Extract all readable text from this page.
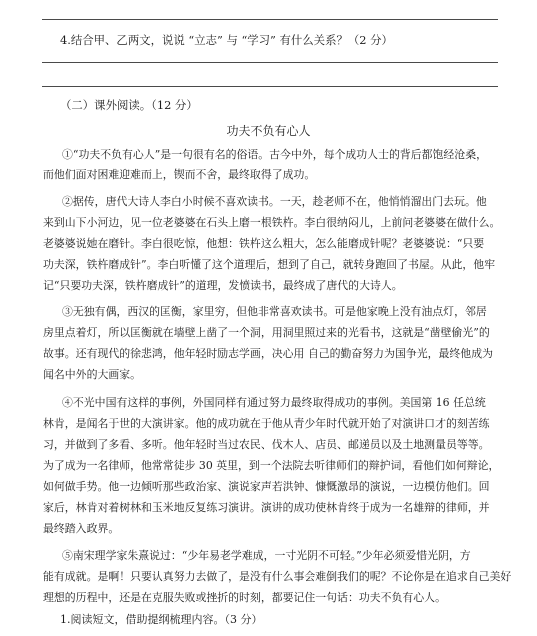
4.结合甲、乙两文，说说 “立志” 与 “学习” 有什么关系？（2 分）
（二）课外阅读。（12 分）
功夫不负有心人
①“功夫不负有心人”是一句很有名的俗语。古今中外，每个成功人士的背后都饱经沧桑，
而他们面对困难迎难而上，锲而不舍，最终取得了成功。
②据传，唐代大诗人李白小时候不喜欢读书。一天，趁老师不在，他悄悄溜出门去玩。他
来到山下小河边，见一位老婆婆在石头上磨一根铁杵。李白很纳闷儿，上前问老婆婆在做什么。
老婆婆说她在磨针。李白很吃惊，他想：铁杵这么粗大，怎么能磨成针呢？老婆婆说：“只要
功夫深，铁杵磨成针”。李白听懂了这个道理后，想到了自己，就转身跑回了书屋。从此，他牢
记“只要功夫深，铁杵磨成针”的道理，发愤读书，最终成了唐代的大诗人。
③无独有偶，西汉的匡衡，家里穷，但他非常喜欢读书。可是他家晚上没有油点灯，邻居
房里点着灯，所以匡衡就在墙壁上凿了一个洞，用洞里照过来的光看书，这就是“凿壁偷光”的
故事。还有现代的徐悲鸿，他年轻时励志学画，决心用 自己的勤奋努力为国争光，最终他成为
闻名中外的大画家。
④不光中国有这样的事例，外国同样有通过努力最终取得成功的事例。美国第 16 任总统
林肯，是闻名于世的大演讲家。他的成功就在于他从青少年时代就开始了对演讲口才的刻苦练
习，并做到了多看、多听。他年轻时当过农民、伐木人、店员、邮递员以及土地测量员等等。
为了成为一名律师，他常常徒步 30 英里，到一个法院去听律师们的辩护词，看他们如何辩论，
如何做手势。他一边倾听那些政治家、演说家声若洪钟、慷慨激昂的演说，一边模仿他们。回
家后，林肯对着树林和玉米地反复练习演讲。演讲的成功使林肯终于成为一名雄辩的律师，并
最终踏入政界。
⑤南宋理学家朱熹说过：“少年易老学难成，一寸光阴不可轻。”少年必须爱惜光阴，方
能有成就。是啊！只要认真努力去做了，是没有什么事会难倒我们的呢？不论你是在追求自己美好
理想的历程中，还是在克服失败或挫折的时刻，都要记住一句话：功夫不负有心人。
1.阅读短文，借助提纲梳理内容。（3 分）
